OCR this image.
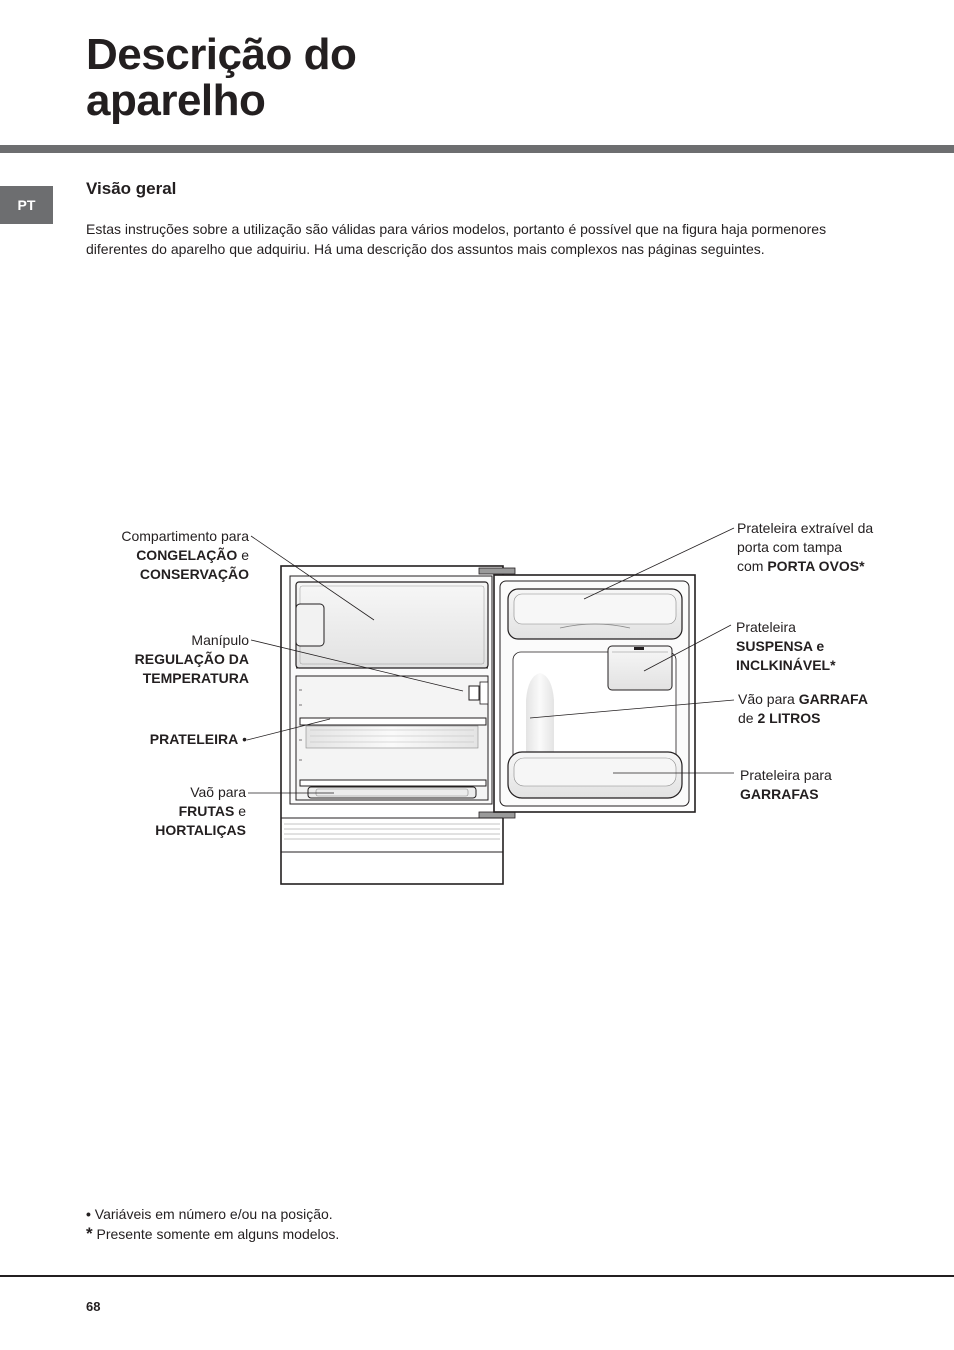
Descrição do
aparelho
PT
Visão geral

Estas instruções sobre a utilização são válidas para vários modelos, portanto é possível que na figura haja pormenores diferentes do aparelho que adquiriu. Há uma descrição dos assuntos mais complexos nas páginas seguintes.

Compartimento para
CONGELAÇÃO e
CONSERVAÇÃO
Manípulo
REGULAÇÃO DA
TEMPERATURA
PRATELEIRA •
Vaõ para
FRUTAS e
HORTALIÇAS
Prateleira extraível da
porta com tampa
com PORTA OVOS*
Prateleira
SUSPENSA e
INCLKINÁVEL*
Vão para GARRAFA
de 2 LITROS
Prateleira para
GARRAFAS
• Variáveis em número e/ou na posição.
* Presente somente em alguns modelos.
68
